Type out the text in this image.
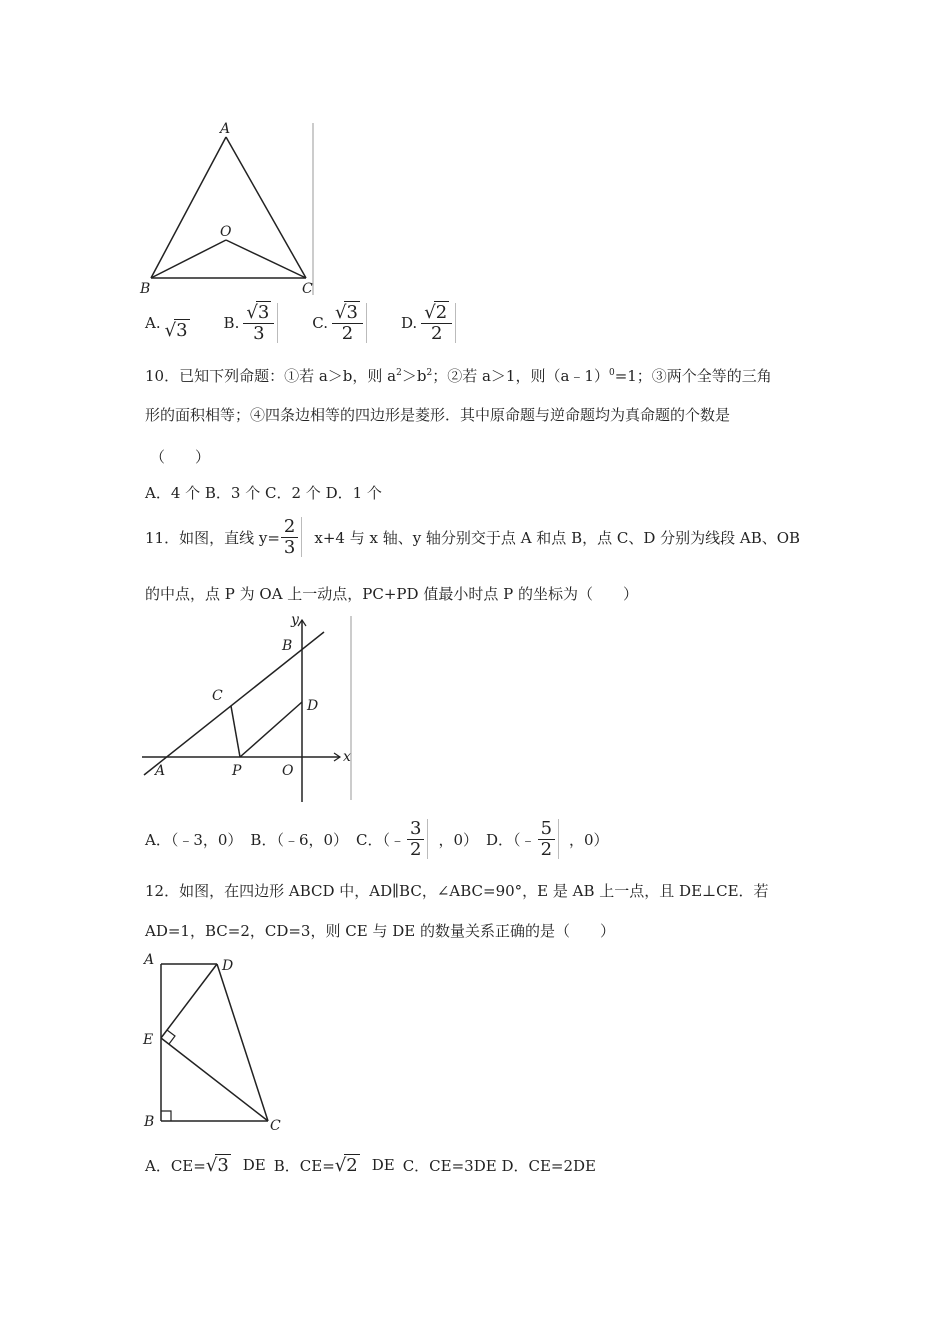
A
O
B	C
A. √3 B. $\frac{√3}{3} C$. $\frac{√3}{2} D$. $\frac{√2}{2}$
10．已知下列命题：①若 a＞b，则 $a^2>b^2$；②若 a＞1，则（a﹣1）$^0$=1；③两个全等的三角
形的面积相等；④四条边相等的四边形是菱形．其中原命题与逆命题均为真命题的个数是
（　　）
A．4 个 B．3 个 C．2 个 D．1 个
11．如图，直线 $y= \frac{2}{3} x+4$ 与 x 轴、y 轴分别交于点 A 和点 B，点 C、D 分别为线段 AB、OB
的中点，点 P 为 OA 上一动点，PC+PD 值最小时点 P 的坐标为（　　）
y
B
C
D
x
A	P	O
A．（﹣3，0） B．（﹣6，0） C．（﹣ $\frac{3}{2}$ ，0） D．（﹣ $\frac{5}{2}$ ，0）
12．如图，在四边形 ABCD 中，AD∥BC，∠ABC=90°，E 是 AB 上一点，且 DE⊥CE．若
AD=1，BC=2，CD=3，则 CE 与 DE 的数量关系正确的是（　　）
A	D
E
B	C
A．CE= √3 DE B．CE= √2 DE C．CE=3DE D．CE=2DE
